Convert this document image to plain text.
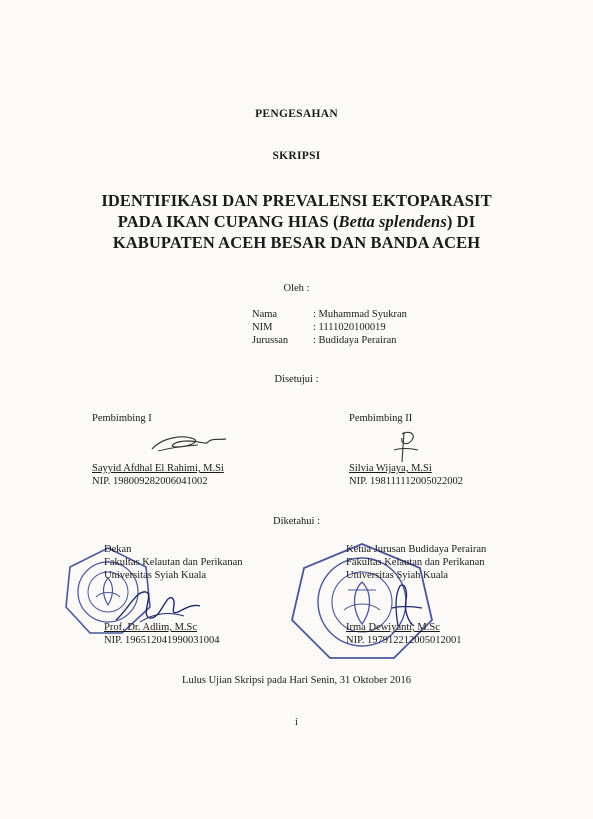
PENGESAHAN
SKRIPSI
IDENTIFIKASI DAN PREVALENSI EKTOPARASIT
PADA IKAN CUPANG HIAS (Betta splendens) DI
KABUPATEN ACEH BESAR DAN BANDA ACEH
Oleh :
Nama	: Muhammad Syukran
NIM	: 1111020100019
Jurussan	: Budidaya Perairan
Disetujui :
Pembimbing I
Sayyid Afdhal El Rahimi, M.Si
NIP. 198009282006041002
Pembimbing II
Silvia Wijaya, M.Si
NIP. 198111112005022002
Diketahui :
Dekan
Fakultas Kelautan dan Perikanan
Universitas Syiah Kuala
Prof. Dr. Adlim, M.Sc
NIP. 196512041990031004
Ketua Jurusan Budidaya Perairan
Fakultas Kelautan dan Perikanan
Universitas Syiah Kuala
Irma Dewiyanti, M.Sc
NIP. 197912212005012001
Lulus Ujian Skripsi pada Hari Senin, 31 Oktober 2016
i
